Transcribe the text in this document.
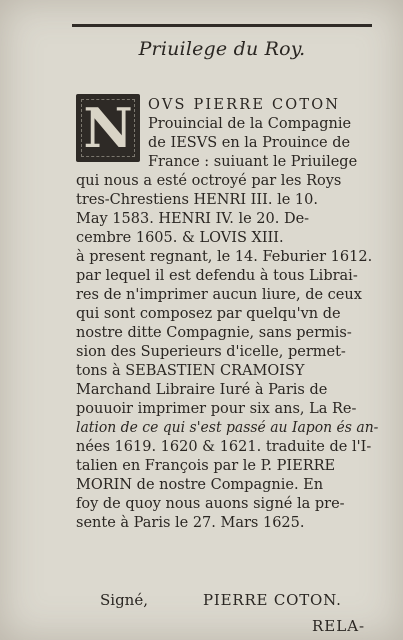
Priuilege du Roy.
N OVS PIERRE COTON
Prouincial de la Compagnie
de IESVS en la Prouince de
France : suiuant le Priuilege
qui nous a esté octroyé par les Roys
tres-Chrestiens HENRI III. le 10.
May 1583. HENRI IV. le 20. De-
cembre 1605. & LOVIS XIII.
à present regnant, le 14. Feburier 1612.
par lequel il est defendu à tous Librai-
res de n'imprimer aucun liure, de ceux
qui sont composez par quelqu'vn de
nostre ditte Compagnie, sans permis-
sion des Superieurs d'icelle, permet-
tons à SEBASTIEN CRAMOISY
Marchand Libraire Iuré à Paris de
pouuoir imprimer pour six ans, La Re-
lation de ce qui s'est passé au Iapon és an-
nées 1619. 1620 & 1621. traduite de l'I-
talien en François par le P. PIERRE
MORIN de nostre Compagnie. En
foy de quoy nous auons signé la pre-
sente à Paris le 27. Mars 1625.
Signé,	PIERRE COTON.
RELA-
